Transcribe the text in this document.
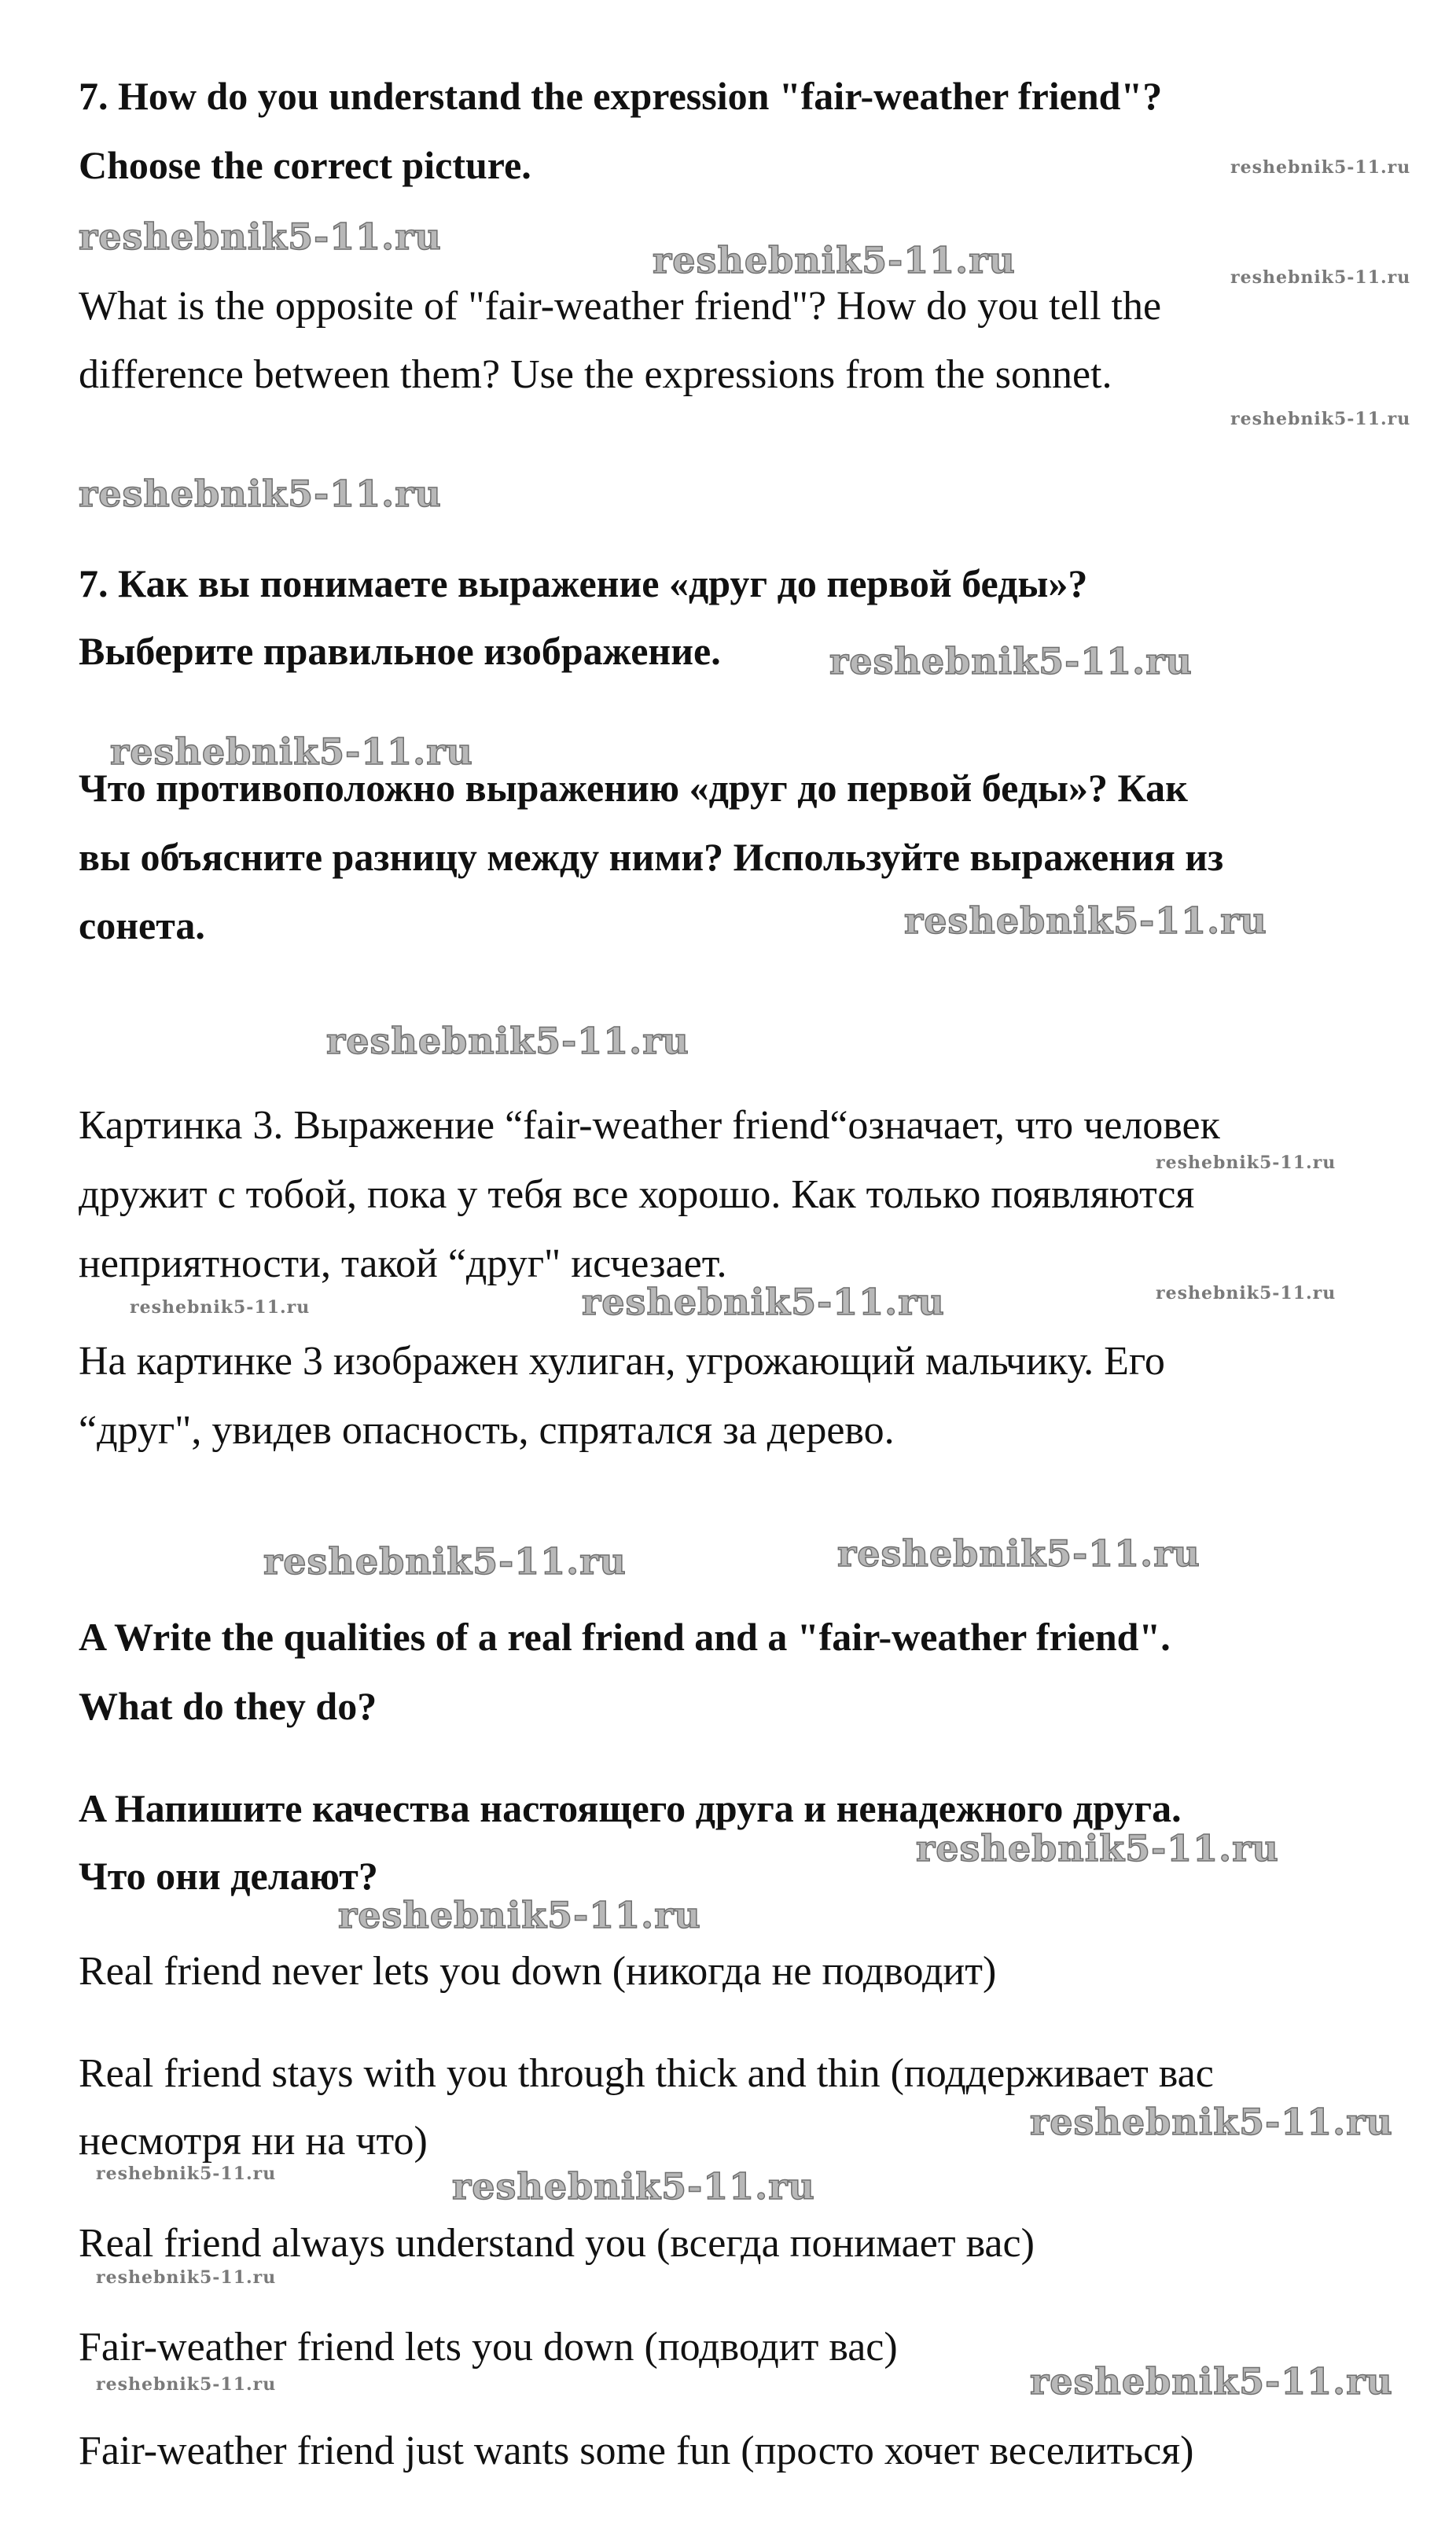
7. How do you understand the expression "fair-weather friend"?

Choose the correct picture.

What is the opposite of "fair-weather friend"? How do you tell the

difference between them? Use the expressions from the sonnet.

7. Как вы понимаете выражение «друг до первой беды»?

Выберите правильное изображение.

Что противоположно выражению «друг до первой беды»? Как

вы объясните разницу между ними? Используйте выражения из

сонета.

Картинка 3. Выражение “fair-weather friend“означает, что человек

дружит с тобой, пока у тебя все хорошо. Как только появляются

неприятности, такой “друг" исчезает.

На картинке 3 изображен хулиган, угрожающий мальчику. Его

“друг", увидев опасность, спрятался за дерево.

A Write the qualities of a real friend and a "fair-weather friend".

What do they do?

A Напишите качества настоящего друга и ненадежного друга.

Что они делают?

Real friend never lets you down (никогда не подводит)

Real friend stays with you through thick and thin (поддерживает вас

несмотря ни на что)

Real friend always understand you (всегда понимает вас)

Fair-weather friend lets you down (подводит вас)

Fair-weather friend just wants some fun (просто хочет веселиться)

reshebnik5-11.ru
reshebnik5-11.ru
reshebnik5-11.ru
reshebnik5-11.ru
reshebnik5-11.ru
reshebnik5-11.ru
reshebnik5-11.ru
reshebnik5-11.ru
reshebnik5-11.ru	reshebnik5-11.ru
reshebnik5-11.ru
reshebnik5-11.ru
reshebnik5-11.ru
reshebnik5-11.ru
reshebnik5-11.ru
reshebnik5-11.ru
reshebnik5-11.ru
reshebnik5-11.ru
reshebnik5-11.ru
reshebnik5-11.ru
reshebnik5-11.ru
reshebnik5-11.ru
reshebnik5-11.ru
reshebnik5-11.ru
